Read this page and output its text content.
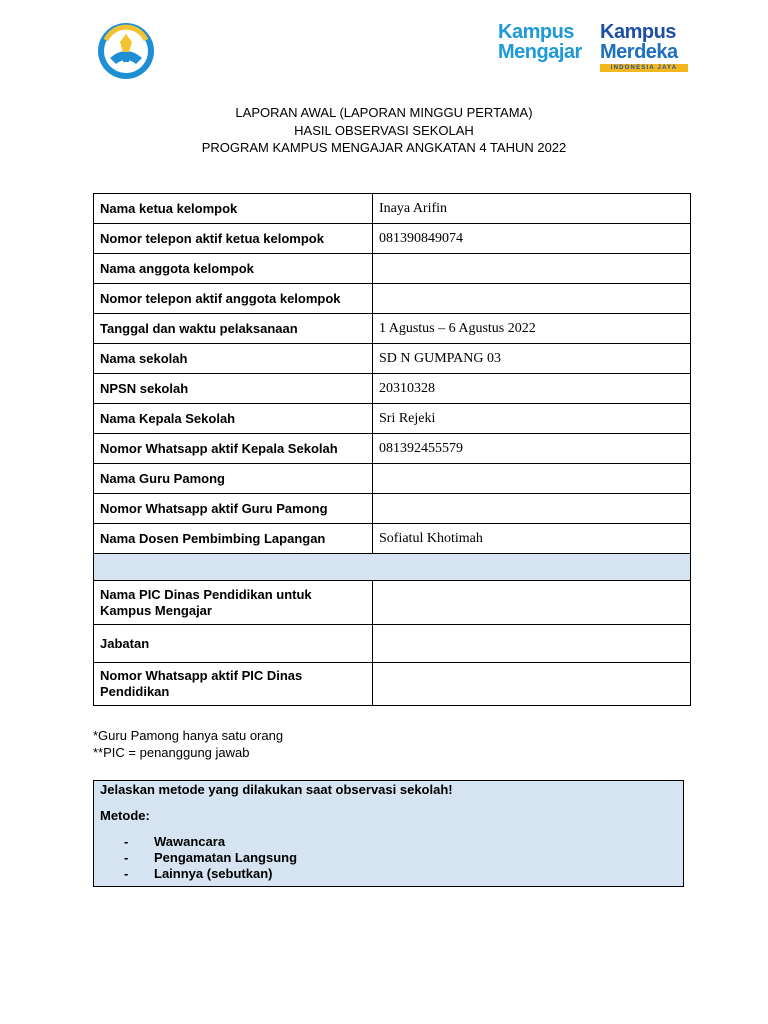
Kampus
Mengajar
Kampus
Merdeka
INDONESIA JAYA
LAPORAN AWAL (LAPORAN MINGGU PERTAMA)
HASIL OBSERVASI SEKOLAH
PROGRAM KAMPUS MENGAJAR ANGKATAN 4 TAHUN 2022
Nama ketua kelompok	Inaya Arifin
Nomor telepon aktif ketua kelompok	081390849074
Nama anggota kelompok	
Nomor telepon aktif anggota kelompok	
Tanggal dan waktu pelaksanaan	1 Agustus – 6 Agustus 2022
Nama sekolah	SD N GUMPANG 03
NPSN sekolah	20310328
Nama Kepala Sekolah	Sri Rejeki
Nomor Whatsapp aktif Kepala Sekolah	081392455579
Nama Guru Pamong	
Nomor Whatsapp aktif Guru Pamong	
Nama Dosen Pembimbing Lapangan	Sofiatul Khotimah

Nama PIC Dinas Pendidikan untuk Kampus Mengajar	
Jabatan	
Nomor Whatsapp aktif PIC Dinas Pendidikan	
*Guru Pamong hanya satu orang
**PIC = penanggung jawab
Jelaskan metode yang dilakukan saat observasi sekolah!
Metode:
- Wawancara
- Pengamatan Langsung
- Lainnya (sebutkan)
